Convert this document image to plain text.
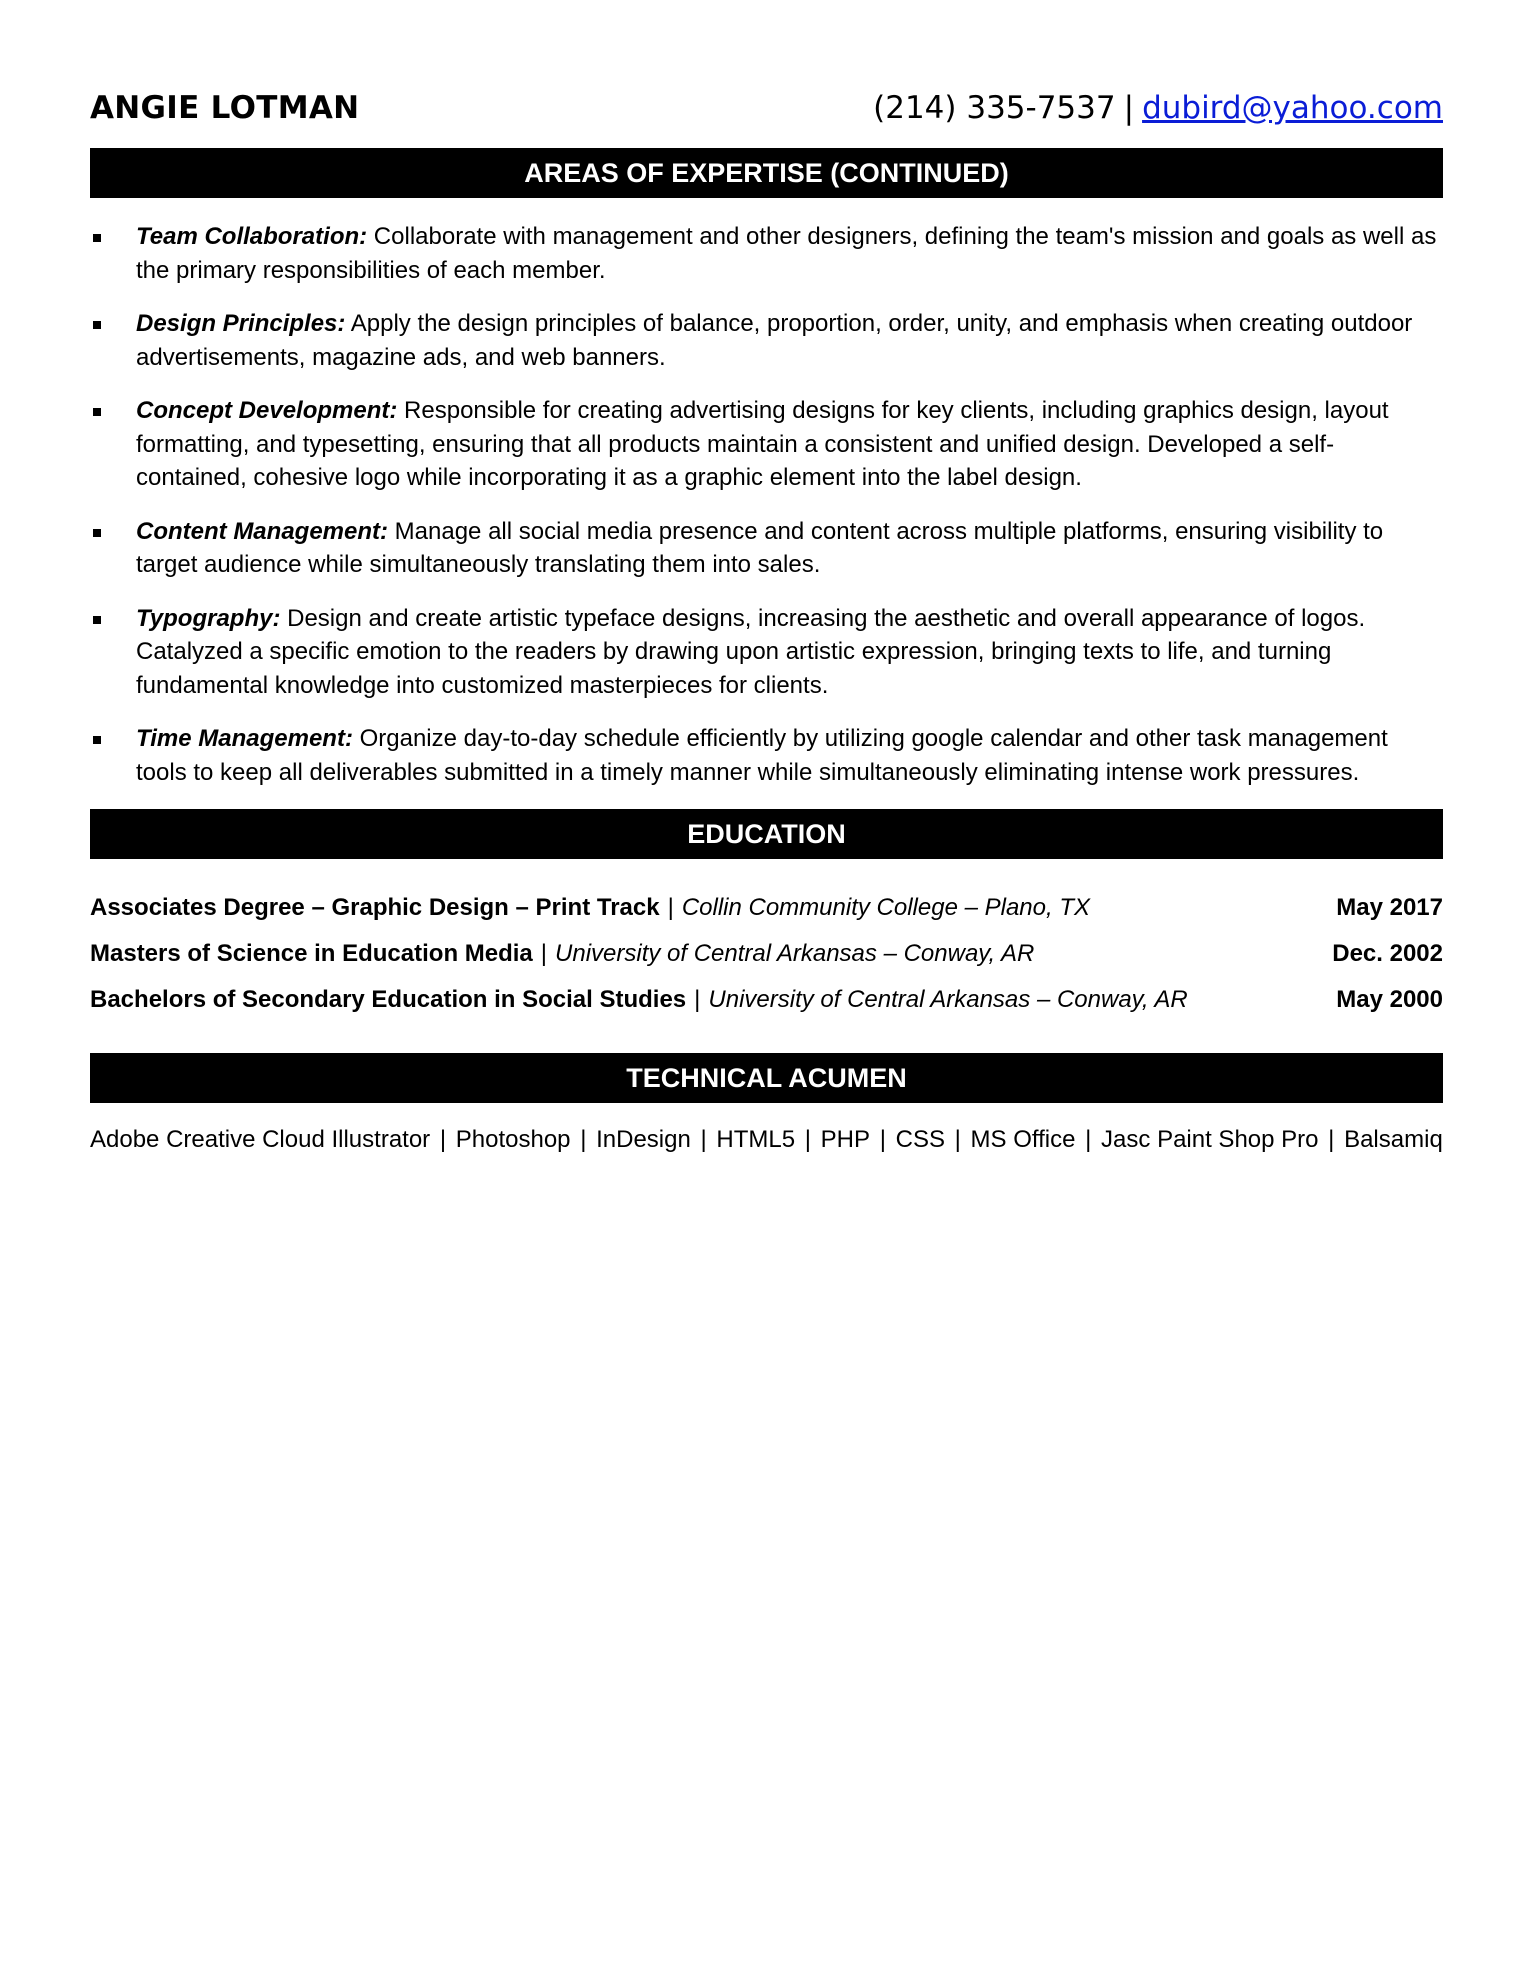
ANGIE LOTMAN	(214) 335-7537 | dubird@yahoo.com
AREAS OF EXPERTISE (CONTINUED)
Team Collaboration: Collaborate with management and other designers, defining the team's mission and goals as well as the primary responsibilities of each member.
Design Principles: Apply the design principles of balance, proportion, order, unity, and emphasis when creating outdoor advertisements, magazine ads, and web banners.
Concept Development: Responsible for creating advertising designs for key clients, including graphics design, layout formatting, and typesetting, ensuring that all products maintain a consistent and unified design. Developed a self-contained, cohesive logo while incorporating it as a graphic element into the label design.
Content Management: Manage all social media presence and content across multiple platforms, ensuring visibility to target audience while simultaneously translating them into sales.
Typography: Design and create artistic typeface designs, increasing the aesthetic and overall appearance of logos. Catalyzed a specific emotion to the readers by drawing upon artistic expression, bringing texts to life, and turning fundamental knowledge into customized masterpieces for clients.
Time Management: Organize day-to-day schedule efficiently by utilizing google calendar and other task management tools to keep all deliverables submitted in a timely manner while simultaneously eliminating intense work pressures.
EDUCATION
Associates Degree – Graphic Design – Print Track | Collin Community College – Plano, TX	May 2017
Masters of Science in Education Media | University of Central Arkansas – Conway, AR	Dec. 2002
Bachelors of Secondary Education in Social Studies | University of Central Arkansas – Conway, AR	May 2000
TECHNICAL ACUMEN
Adobe Creative Cloud Illustrator | Photoshop | InDesign | HTML5 | PHP | CSS | MS Office | Jasc Paint Shop Pro | Balsamiq
